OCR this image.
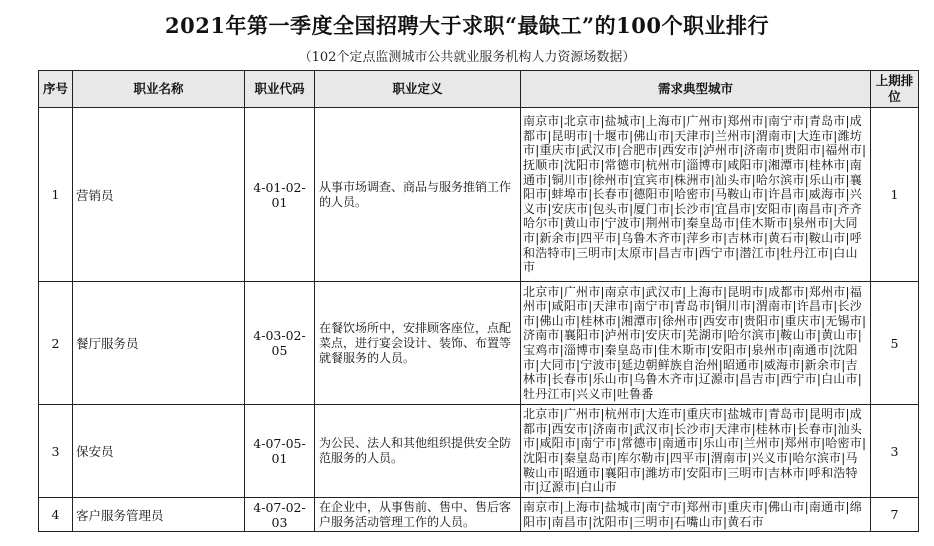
2021年第一季度全国招聘大于求职“最缺工”的100个职业排行
（102个定点监测城市公共就业服务机构人力资源场数据）
序号	职业名称	职业代码	职业定义	需求典型城市	上期排位
1	营销员	4-01-02-01	从事市场调查、商品与服务推销工作的人员。	南京市|北京市|盐城市|上海市|广州市|郑州市|南宁市|青岛市|成都市|昆明市|十堰市|佛山市|天津市|兰州市|渭南市|大连市|潍坊市|重庆市|武汉市|合肥市|西安市|泸州市|济南市|贵阳市|福州市|抚顺市|沈阳市|常德市|杭州市|淄博市|咸阳市|湘潭市|桂林市|南通市|铜川市|徐州市|宜宾市|株洲市|汕头市|哈尔滨市|乐山市|襄阳市|蚌埠市|长春市|德阳市|哈密市|马鞍山市|许昌市|威海市|兴义市|安庆市|包头市|厦门市|长沙市|宜昌市|安阳市|南昌市|齐齐哈尔市|黄山市|宁波市|荆州市|秦皇岛市|佳木斯市|泉州市|大同市|新余市|四平市|乌鲁木齐市|萍乡市|吉林市|黄石市|鞍山市|呼和浩特市|三明市|太原市|昌吉市|西宁市|潜江市|牡丹江市|白山市	1
2	餐厅服务员	4-03-02-05	在餐饮场所中，安排顾客座位，点配菜点，进行宴会设计、装饰、布置等就餐服务的人员。	北京市|广州市|南京市|武汉市|上海市|昆明市|成都市|郑州市|福州市|咸阳市|天津市|南宁市|青岛市|铜川市|渭南市|许昌市|长沙市|佛山市|桂林市|湘潭市|徐州市|西安市|贵阳市|重庆市|无锡市|济南市|襄阳市|泸州市|安庆市|芜湖市|哈尔滨市|鞍山市|黄山市|宝鸡市|淄博市|秦皇岛市|佳木斯市|安阳市|泉州市|南通市|沈阳市|大同市|宁波市|延边朝鲜族自治州|昭通市|威海市|新余市|吉林市|长春市|乐山市|乌鲁木齐市|辽源市|昌吉市|西宁市|白山市|牡丹江市|兴义市|吐鲁番	5
3	保安员	4-07-05-01	为公民、法人和其他组织提供安全防范服务的人员。	北京市|广州市|杭州市|大连市|重庆市|盐城市|青岛市|昆明市|成都市|西安市|济南市|武汉市|长沙市|天津市|桂林市|长春市|汕头市|咸阳市|南宁市|常德市|南通市|乐山市|兰州市|郑州市|哈密市|沈阳市|秦皇岛市|库尔勒市|四平市|渭南市|兴义市|哈尔滨市|马鞍山市|昭通市|襄阳市|潍坊市|安阳市|三明市|吉林市|呼和浩特市|辽源市|白山市	3
4	客户服务管理员	4-07-02-03	在企业中，从事售前、售中、售后客户服务活动管理工作的人员。	南京市|上海市|盐城市|南宁市|郑州市|重庆市|佛山市|南通市|绵阳市|南昌市|沈阳市|三明市|石嘴山市|黄石市	7
